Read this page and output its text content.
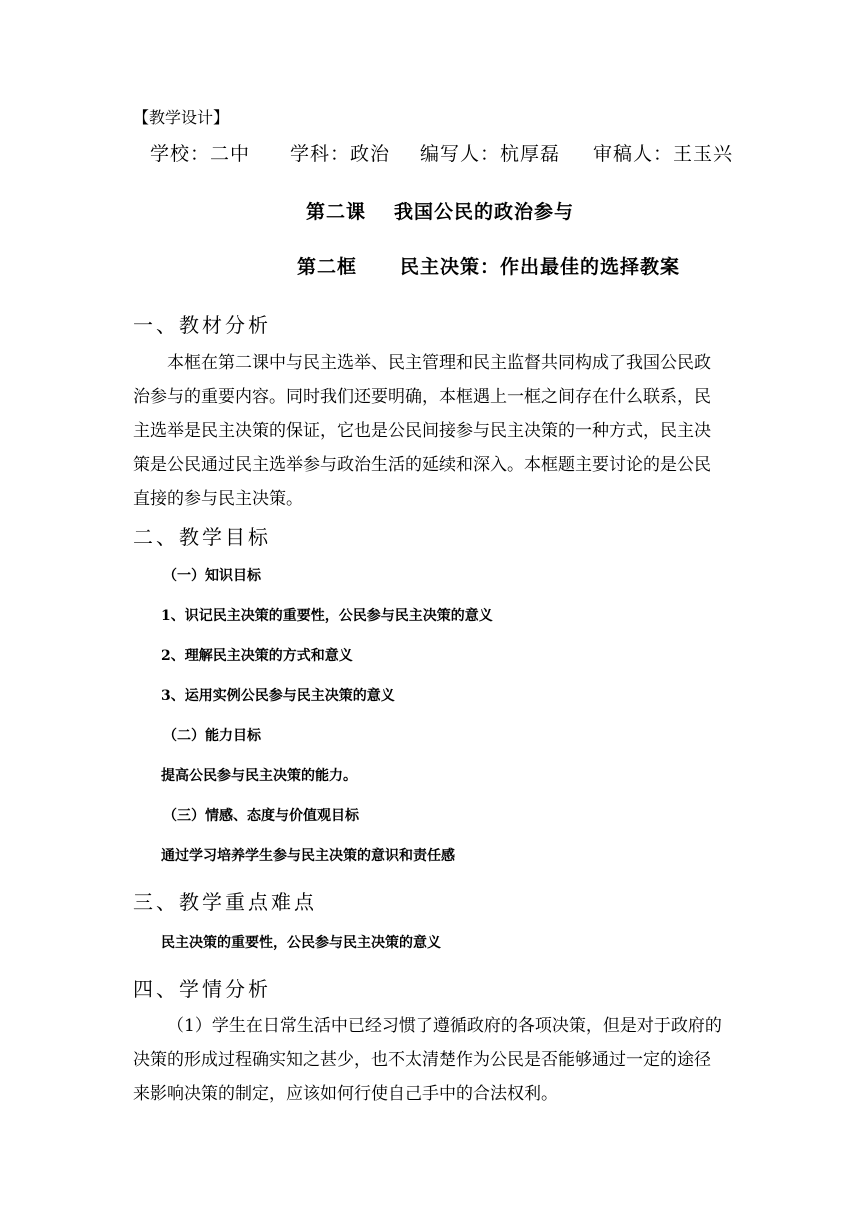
【教学设计】
学校：二中 学科：政治 编写人：杭厚磊 审稿人：王玉兴
第二课 我国公民的政治参与
第二框 民主决策：作出最佳的选择教案
一、教材分析
本框在第二课中与民主选举、民主管理和民主监督共同构成了我国公民政
治参与的重要内容。同时我们还要明确，本框遇上一框之间存在什么联系，民
主选举是民主决策的保证，它也是公民间接参与民主决策的一种方式，民主决
策是公民通过民主选举参与政治生活的延续和深入。本框题主要讨论的是公民
直接的参与民主决策。
二、教学目标
（一）知识目标
1、识记民主决策的重要性，公民参与民主决策的意义
2、理解民主决策的方式和意义
3、运用实例公民参与民主决策的意义
（二）能力目标
提高公民参与民主决策的能力。
（三）情感、态度与价值观目标
通过学习培养学生参与民主决策的意识和责任感
三、教学重点难点
民主决策的重要性，公民参与民主决策的意义
四、学情分析
（1）学生在日常生活中已经习惯了遵循政府的各项决策，但是对于政府的
决策的形成过程确实知之甚少，也不太清楚作为公民是否能够通过一定的途径
来影响决策的制定，应该如何行使自己手中的合法权利。
